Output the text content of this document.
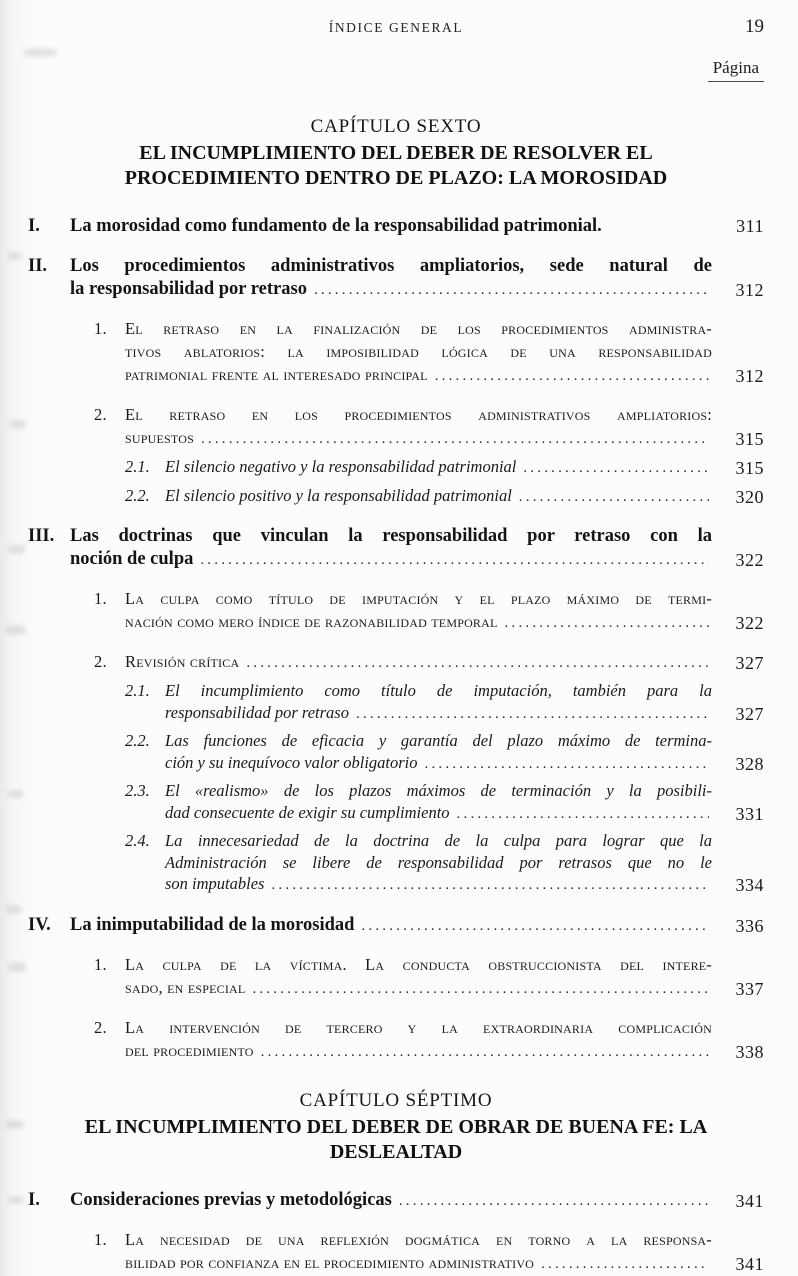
ÍNDICE GENERAL	19
Página
CAPÍTULO SEXTO
EL INCUMPLIMIENTO DEL DEBER DE RESOLVER EL
PROCEDIMIENTO DENTRO DE PLAZO: LA MOROSIDAD
I.	La morosidad como fundamento de la responsabilidad patrimonial.	311
II.	Los procedimientos administrativos ampliatorios, sede natural de
la responsabilidad por retraso .....	312
1.	El retraso en la finalización de los procedimientos administra-
tivos ablatorios: la imposibilidad lógica de una responsabilidad
patrimonial frente al interesado principal .....	312
2.	El retraso en los procedimientos administrativos ampliatorios:
supuestos .....	315
2.1. El silencio negativo y la responsabilidad patrimonial .....	315
2.2. El silencio positivo y la responsabilidad patrimonial .....	320
III. Las doctrinas que vinculan la responsabilidad por retraso con la
noción de culpa .....	322
1.	La culpa como título de imputación y el plazo máximo de termi-
nación como mero índice de razonabilidad temporal .....	322
2.	Revisión crítica .....	327
2.1. El incumplimiento como título de imputación, también para la
responsabilidad por retraso .....	327
2.2. Las funciones de eficacia y garantía del plazo máximo de termina-
ción y su inequívoco valor obligatorio .....	328
2.3. El «realismo» de los plazos máximos de terminación y la posibili-
dad consecuente de exigir su cumplimiento .....	331
2.4. La innecesariedad de la doctrina de la culpa para lograr que la
Administración se libere de responsabilidad por retrasos que no le
son imputables .....	334
IV.	La inimputabilidad de la morosidad .....	336
1.	La culpa de la víctima. La conducta obstruccionista del intere-
sado, en especial .....	337
2.	La intervención de tercero y la extraordinaria complicación
del procedimiento .....	338
CAPÍTULO SÉPTIMO
EL INCUMPLIMIENTO DEL DEBER DE OBRAR DE BUENA FE: LA
DESLEALTAD
I.	Consideraciones previas y metodológicas .....	341
1.	La necesidad de una reflexión dogmática en torno a la responsa-
bilidad por confianza en el procedimiento administrativo .....	341
